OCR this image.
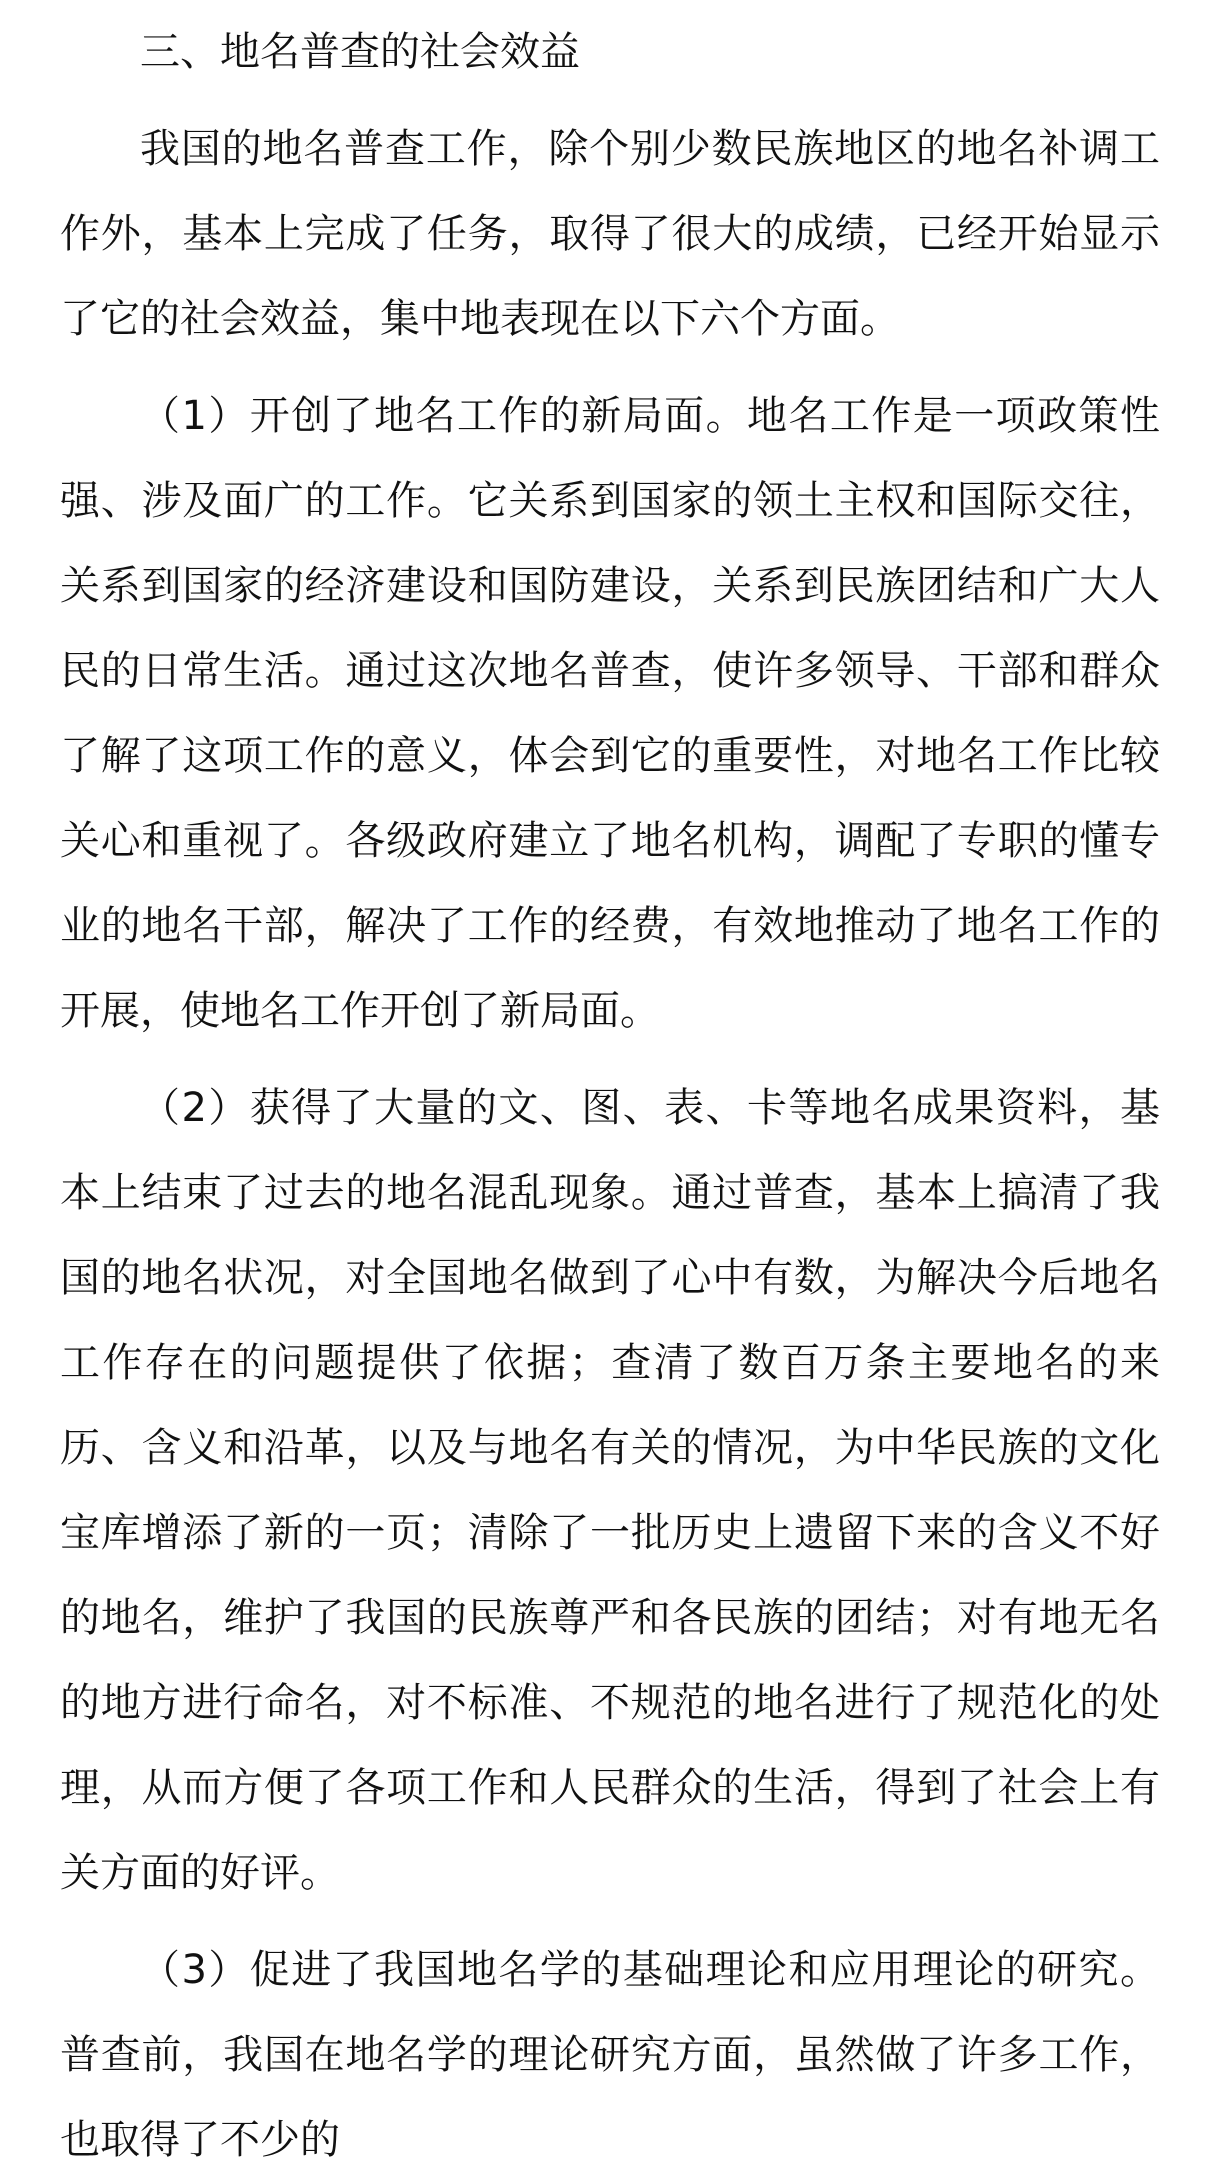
三、地名普查的社会效益

我国的地名普查工作，除个别少数民族地区的地名补调工作外，基本上完成了任务，取得了很大的成绩，已经开始显示了它的社会效益，集中地表现在以下六个方面。

（1）开创了地名工作的新局面。地名工作是一项政策性强、涉及面广的工作。它关系到国家的领土主权和国际交往，关系到国家的经济建设和国防建设，关系到民族团结和广大人民的日常生活。通过这次地名普查，使许多领导、干部和群众了解了这项工作的意义，体会到它的重要性，对地名工作比较关心和重视了。各级政府建立了地名机构，调配了专职的懂专业的地名干部，解决了工作的经费，有效地推动了地名工作的开展，使地名工作开创了新局面。

（2）获得了大量的文、图、表、卡等地名成果资料，基本上结束了过去的地名混乱现象。通过普查，基本上搞清了我国的地名状况，对全国地名做到了心中有数，为解决今后地名工作存在的问题提供了依据；查清了数百万条主要地名的来历、含义和沿革，以及与地名有关的情况，为中华民族的文化宝库增添了新的一页；清除了一批历史上遗留下来的含义不好的地名，维护了我国的民族尊严和各民族的团结；对有地无名的地方进行命名，对不标准、不规范的地名进行了规范化的处理，从而方便了各项工作和人民群众的生活，得到了社会上有关方面的好评。

（3）促进了我国地名学的基础理论和应用理论的研究。普查前，我国在地名学的理论研究方面，虽然做了许多工作，也取得了不少的
